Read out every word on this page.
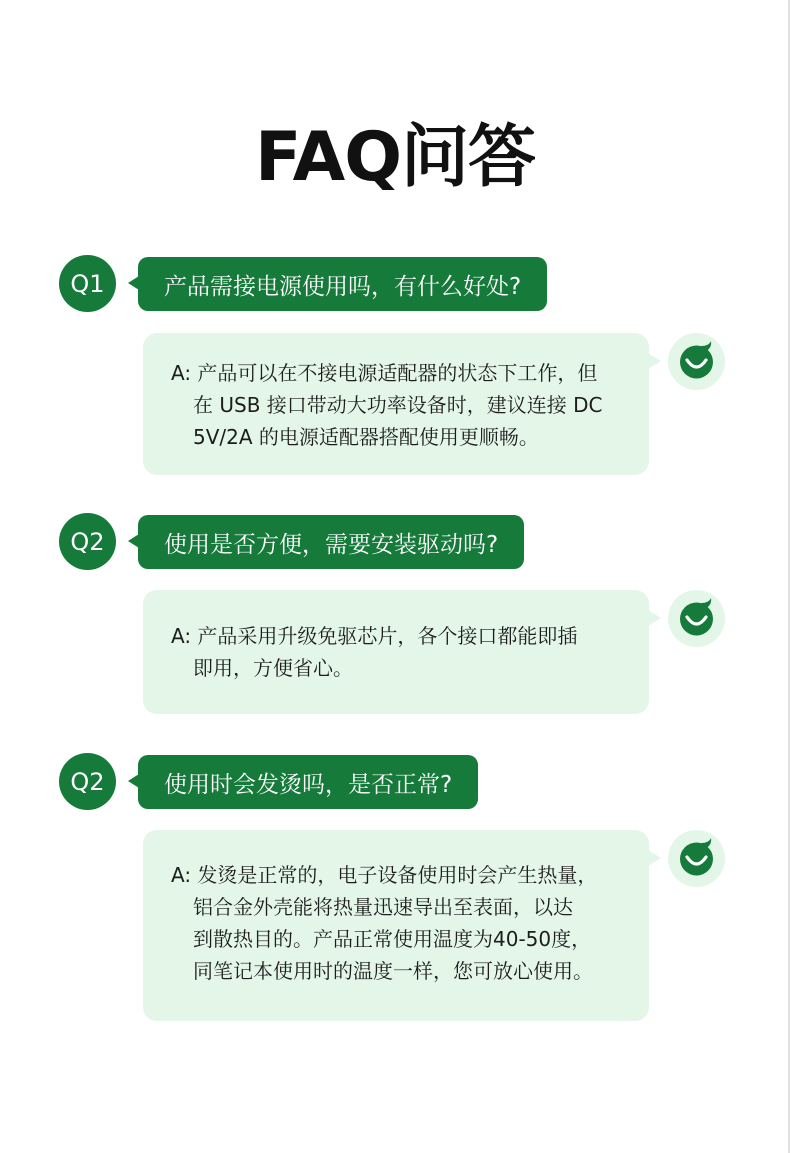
FAQ问答
Q1	产品需接电源使用吗，有什么好处?
A: 产品可以在不接电源适配器的状态下工作，但
在 USB 接口带动大功率设备时，建议连接 DC
5V/2A 的电源适配器搭配使用更顺畅。
Q2	使用是否方便，需要安装驱动吗?
A: 产品采用升级免驱芯片，各个接口都能即插
即用，方便省心。
Q2	使用时会发烫吗，是否正常?
A: 发烫是正常的，电子设备使用时会产生热量，
铝合金外壳能将热量迅速导出至表面，以达
到散热目的。产品正常使用温度为40-50度，
同笔记本使用时的温度一样，您可放心使用。
